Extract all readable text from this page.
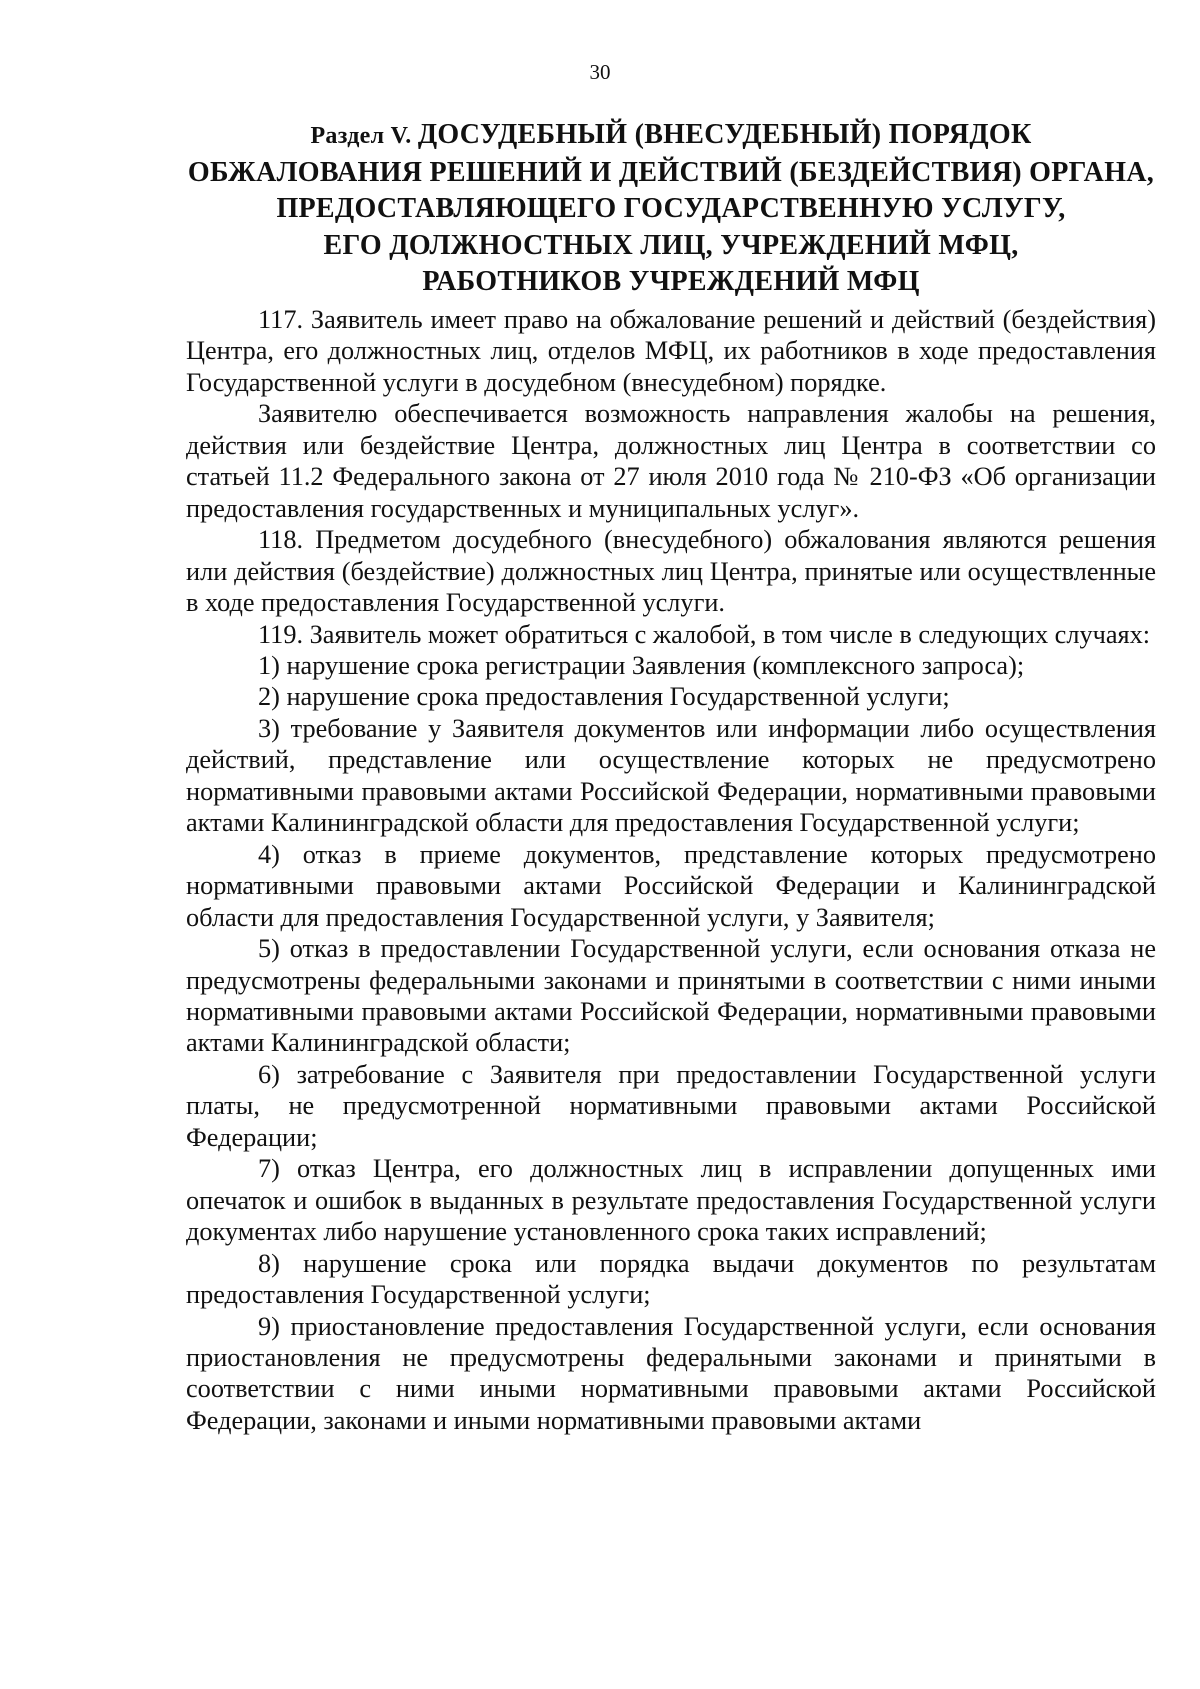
30
Раздел V. ДОСУДЕБНЫЙ (ВНЕСУДЕБНЫЙ) ПОРЯДОК
ОБЖАЛОВАНИЯ РЕШЕНИЙ И ДЕЙСТВИЙ (БЕЗДЕЙСТВИЯ) ОРГАНА,
ПРЕДОСТАВЛЯЮЩЕГО ГОСУДАРСТВЕННУЮ УСЛУГУ,
ЕГО ДОЛЖНОСТНЫХ ЛИЦ, УЧРЕЖДЕНИЙ МФЦ,
РАБОТНИКОВ УЧРЕЖДЕНИЙ МФЦ

117. Заявитель имеет право на обжалование решений и действий (бездействия) Центра, его должностных лиц, отделов МФЦ, их работников в ходе предоставления Государственной услуги в досудебном (внесудебном) порядке.

Заявителю обеспечивается возможность направления жалобы на решения, действия или бездействие Центра, должностных лиц Центра в соответствии со статьей 11.2 Федерального закона от 27 июля 2010 года № 210-ФЗ «Об организации предоставления государственных и муниципальных услуг».

118. Предметом досудебного (внесудебного) обжалования являются решения или действия (бездействие) должностных лиц Центра, принятые или осуществленные в ходе предоставления Государственной услуги.

119. Заявитель может обратиться с жалобой, в том числе в следующих случаях:

1) нарушение срока регистрации Заявления (комплексного запроса);

2) нарушение срока предоставления Государственной услуги;

3) требование у Заявителя документов или информации либо осуществления действий, представление или осуществление которых не предусмотрено нормативными правовыми актами Российской Федерации, нормативными правовыми актами Калининградской области для предоставления Государственной услуги;

4) отказ в приеме документов, представление которых предусмотрено нормативными правовыми актами Российской Федерации и Калининградской области для предоставления Государственной услуги, у Заявителя;

5) отказ в предоставлении Государственной услуги, если основания отказа не предусмотрены федеральными законами и принятыми в соответствии с ними иными нормативными правовыми актами Российской Федерации, нормативными правовыми актами Калининградской области;

6) затребование с Заявителя при предоставлении Государственной услуги платы, не предусмотренной нормативными правовыми актами Российской Федерации;

7) отказ Центра, его должностных лиц в исправлении допущенных ими опечаток и ошибок в выданных в результате предоставления Государственной услуги документах либо нарушение установленного срока таких исправлений;

8) нарушение срока или порядка выдачи документов по результатам предоставления Государственной услуги;

9) приостановление предоставления Государственной услуги, если основания приостановления не предусмотрены федеральными законами и принятыми в соответствии с ними иными нормативными правовыми актами Российской Федерации, законами и иными нормативными правовыми актами
